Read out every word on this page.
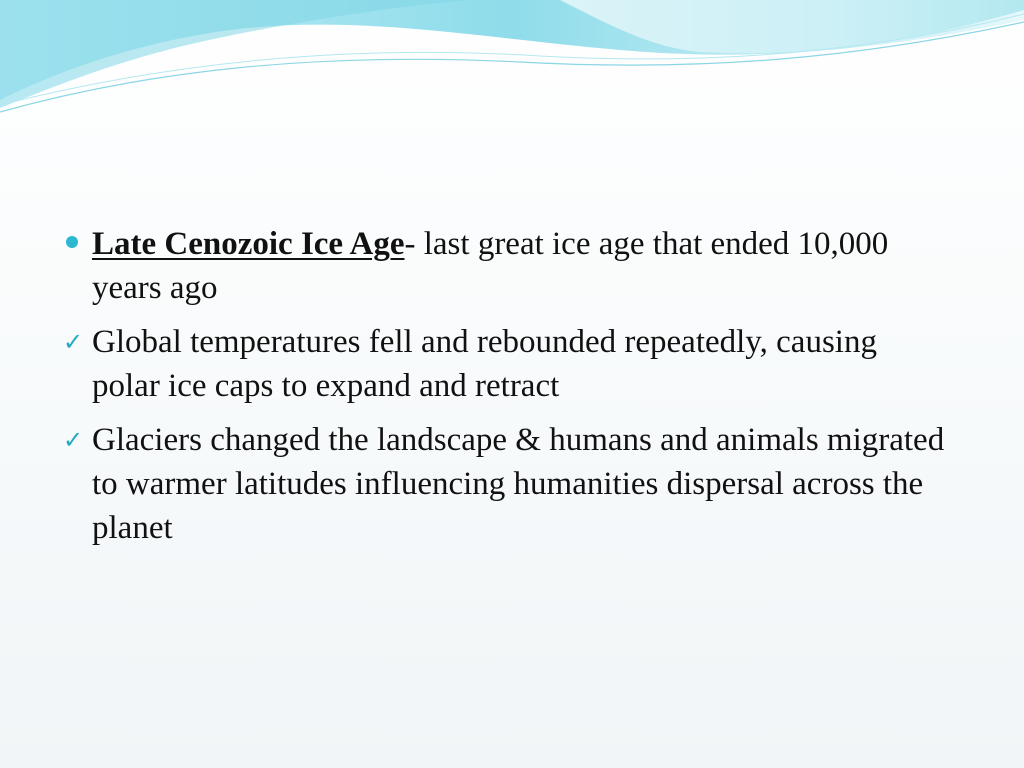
Late Cenozoic Ice Age- last great ice age that ended 10,000 years ago
✓ Global temperatures fell and rebounded repeatedly, causing polar ice caps to expand and retract
✓ Glaciers changed the landscape & humans and animals migrated to warmer latitudes influencing humanities dispersal across the planet
